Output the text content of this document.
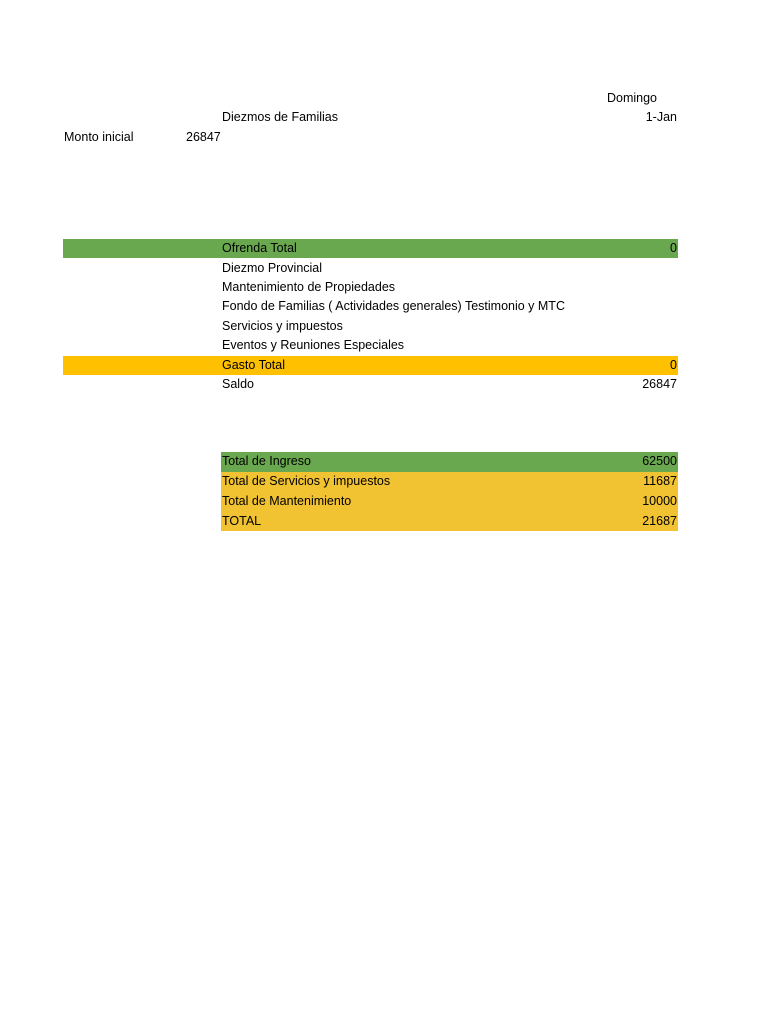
Domingo
Diezmos de Familias	1-Jan
Monto inicial	26847
Ofrenda Total	0
Diezmo Provincial
Mantenimiento de Propiedades
Fondo de Familias ( Actividades generales) Testimonio y MTC
Servicios y impuestos
Eventos y Reuniones Especiales
Gasto Total	0
Saldo	26847
Total de Ingreso	62500
Total de Servicios y impuestos	11687
Total de Mantenimiento	10000
TOTAL	21687
